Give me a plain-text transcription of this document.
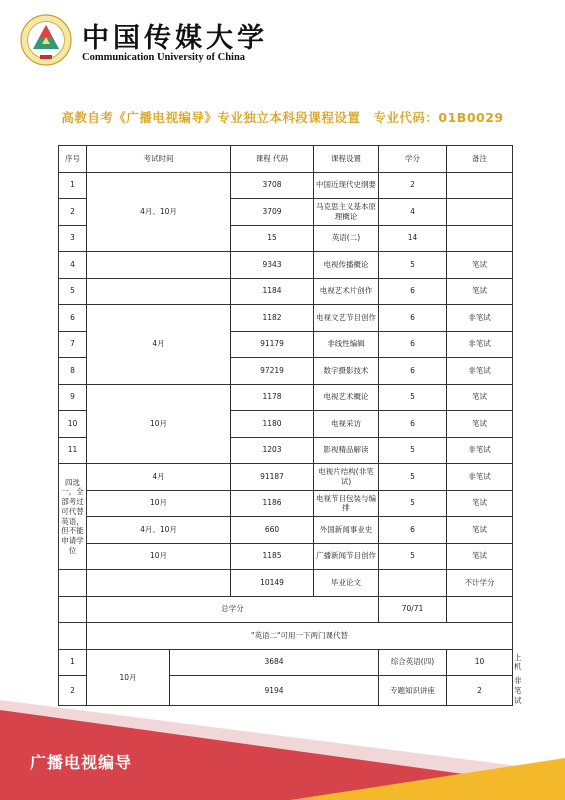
中国传媒大学
Communication University of China
高教自考《广播电视编导》专业独立本科段课程设置　专业代码：01B0029
序号	考试时间		课程 代码	课程设置	学分	备注	
1	4月、10月		3708	中国近现代史纲要	2		
2			3709	马克思主义基本原理概论	4		
3			15	英语(二)	14		
4			9343	电视传播概论	5	笔试	
5			1184	电视艺术片创作	6	笔试	
6	4月		1182	电视文艺节目创作	6	非笔试	
7			91179	非线性编辑	6	非笔试	
8			97219	数字摄影技术	6	非笔试	
9	10月		1178	电视艺术概论	5	笔试	
10			1180	电视采访	6	笔试	
11			1203	影视精品解读	5	非笔试	
四选一，全部考过可代替英语，但不能申请学位	4月		91187	电视片结构(非笔试)	5	非笔试	
	10月		1186	电视节目包装与编排	5	笔试	
	4月、10月		660	外国新闻事业史	6	笔试	
	10月		1185	广播新闻节目创作	5	笔试	
			10149	毕业论文		不计学分	
	总学分				70/71		
	"英语二"可用一下两门课代替						
1	10月	3684			综合英语(四)	10	上机
2		9194			专题知识讲座	2	非笔试
广播电视编导
